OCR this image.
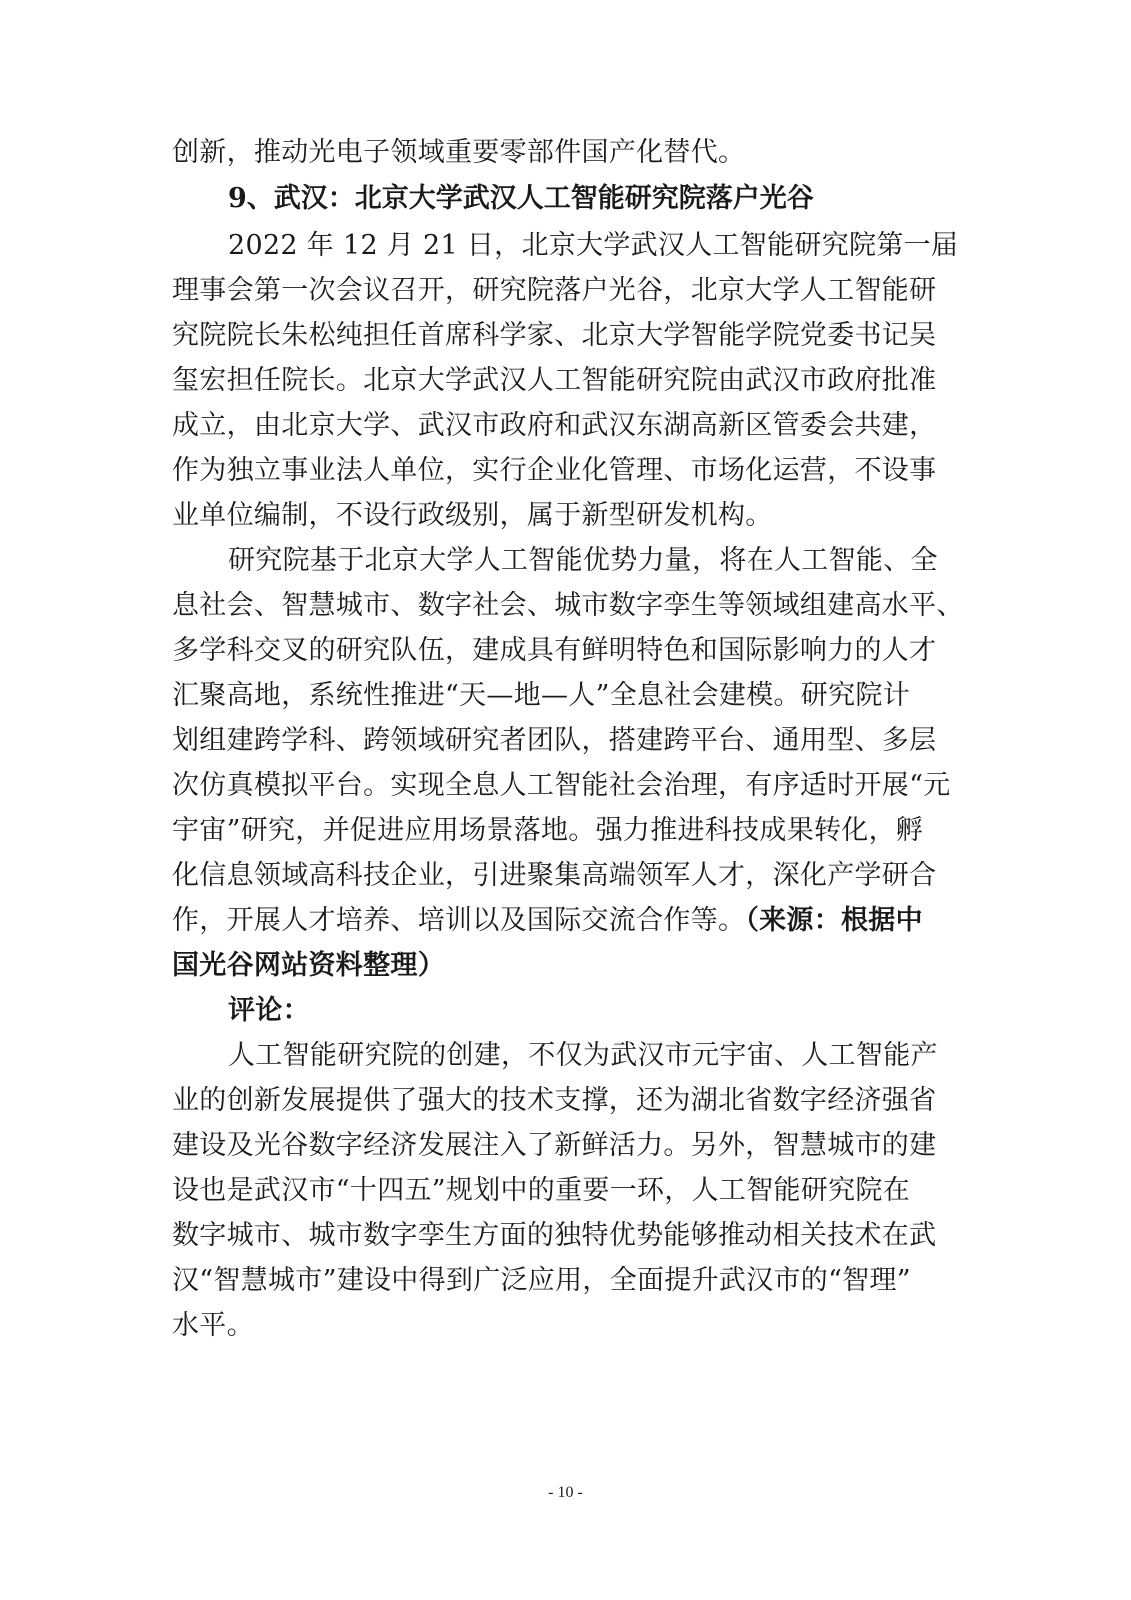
创新，推动光电子领域重要零部件国产化替代。
9、武汉：北京大学武汉人工智能研究院落户光谷
2022 年 12 月 21 日，北京大学武汉人工智能研究院第一届
理事会第一次会议召开，研究院落户光谷，北京大学人工智能研
究院院长朱松纯担任首席科学家、北京大学智能学院党委书记吴
玺宏担任院长。北京大学武汉人工智能研究院由武汉市政府批准
成立，由北京大学、武汉市政府和武汉东湖高新区管委会共建，
作为独立事业法人单位，实行企业化管理、市场化运营，不设事
业单位编制，不设行政级别，属于新型研发机构。
研究院基于北京大学人工智能优势力量，将在人工智能、全
息社会、智慧城市、数字社会、城市数字孪生等领域组建高水平、
多学科交叉的研究队伍，建成具有鲜明特色和国际影响力的人才
汇聚高地，系统性推进“天—地—人”全息社会建模。研究院计
划组建跨学科、跨领域研究者团队，搭建跨平台、通用型、多层
次仿真模拟平台。实现全息人工智能社会治理，有序适时开展“元
宇宙”研究，并促进应用场景落地。强力推进科技成果转化，孵
化信息领域高科技企业，引进聚集高端领军人才，深化产学研合
作，开展人才培养、培训以及国际交流合作等。（来源：根据中
国光谷网站资料整理）
评论：
人工智能研究院的创建，不仅为武汉市元宇宙、人工智能产
业的创新发展提供了强大的技术支撑，还为湖北省数字经济强省
建设及光谷数字经济发展注入了新鲜活力。另外，智慧城市的建
设也是武汉市“十四五”规划中的重要一环，人工智能研究院在
数字城市、城市数字孪生方面的独特优势能够推动相关技术在武
汉“智慧城市”建设中得到广泛应用，全面提升武汉市的“智理”
水平。
- 10 -
